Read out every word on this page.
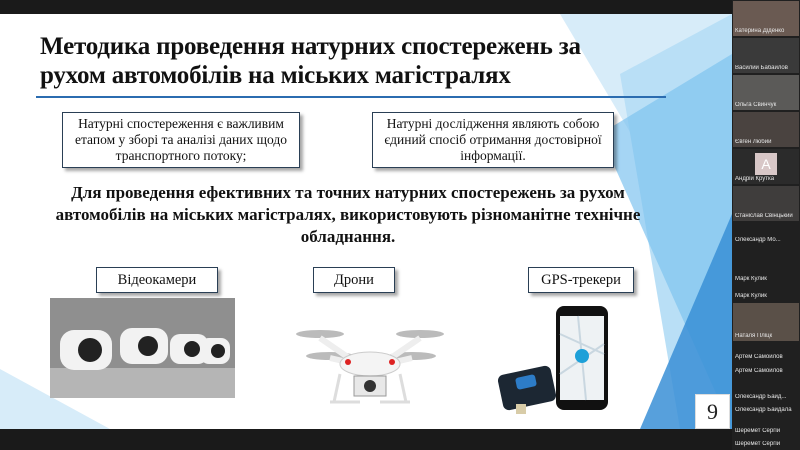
Методика проведення натурних спостережень за рухом автомобілів на міських магістралях
Натурні спостереження є важливим етапом у зборі та аналізі даних щодо транспортного потоку;
Натурні дослідження являють собою єдиний спосіб отримання достовірної інформації.
Для проведення ефективних та точних натурних спостережень за рухом автомобілів на міських магістралях, використовують різноманітне технічне обладнання.
Відеокамери	Дрони	GPS-трекери
9
Катерина Діденко
Василий Бабайлов
Ольга Свинчук
Євген Любий
А
Андрій Крутка
Станіслав Свінцький
Олександр Мо...
Марк Кулик
Марк Кулик
Наталя Пліцк
Артем Самойлов
Артем Самойлов
Олександр Байд...
Олександр Байдала
Шеремет Сергій
Шеремет Сергій
